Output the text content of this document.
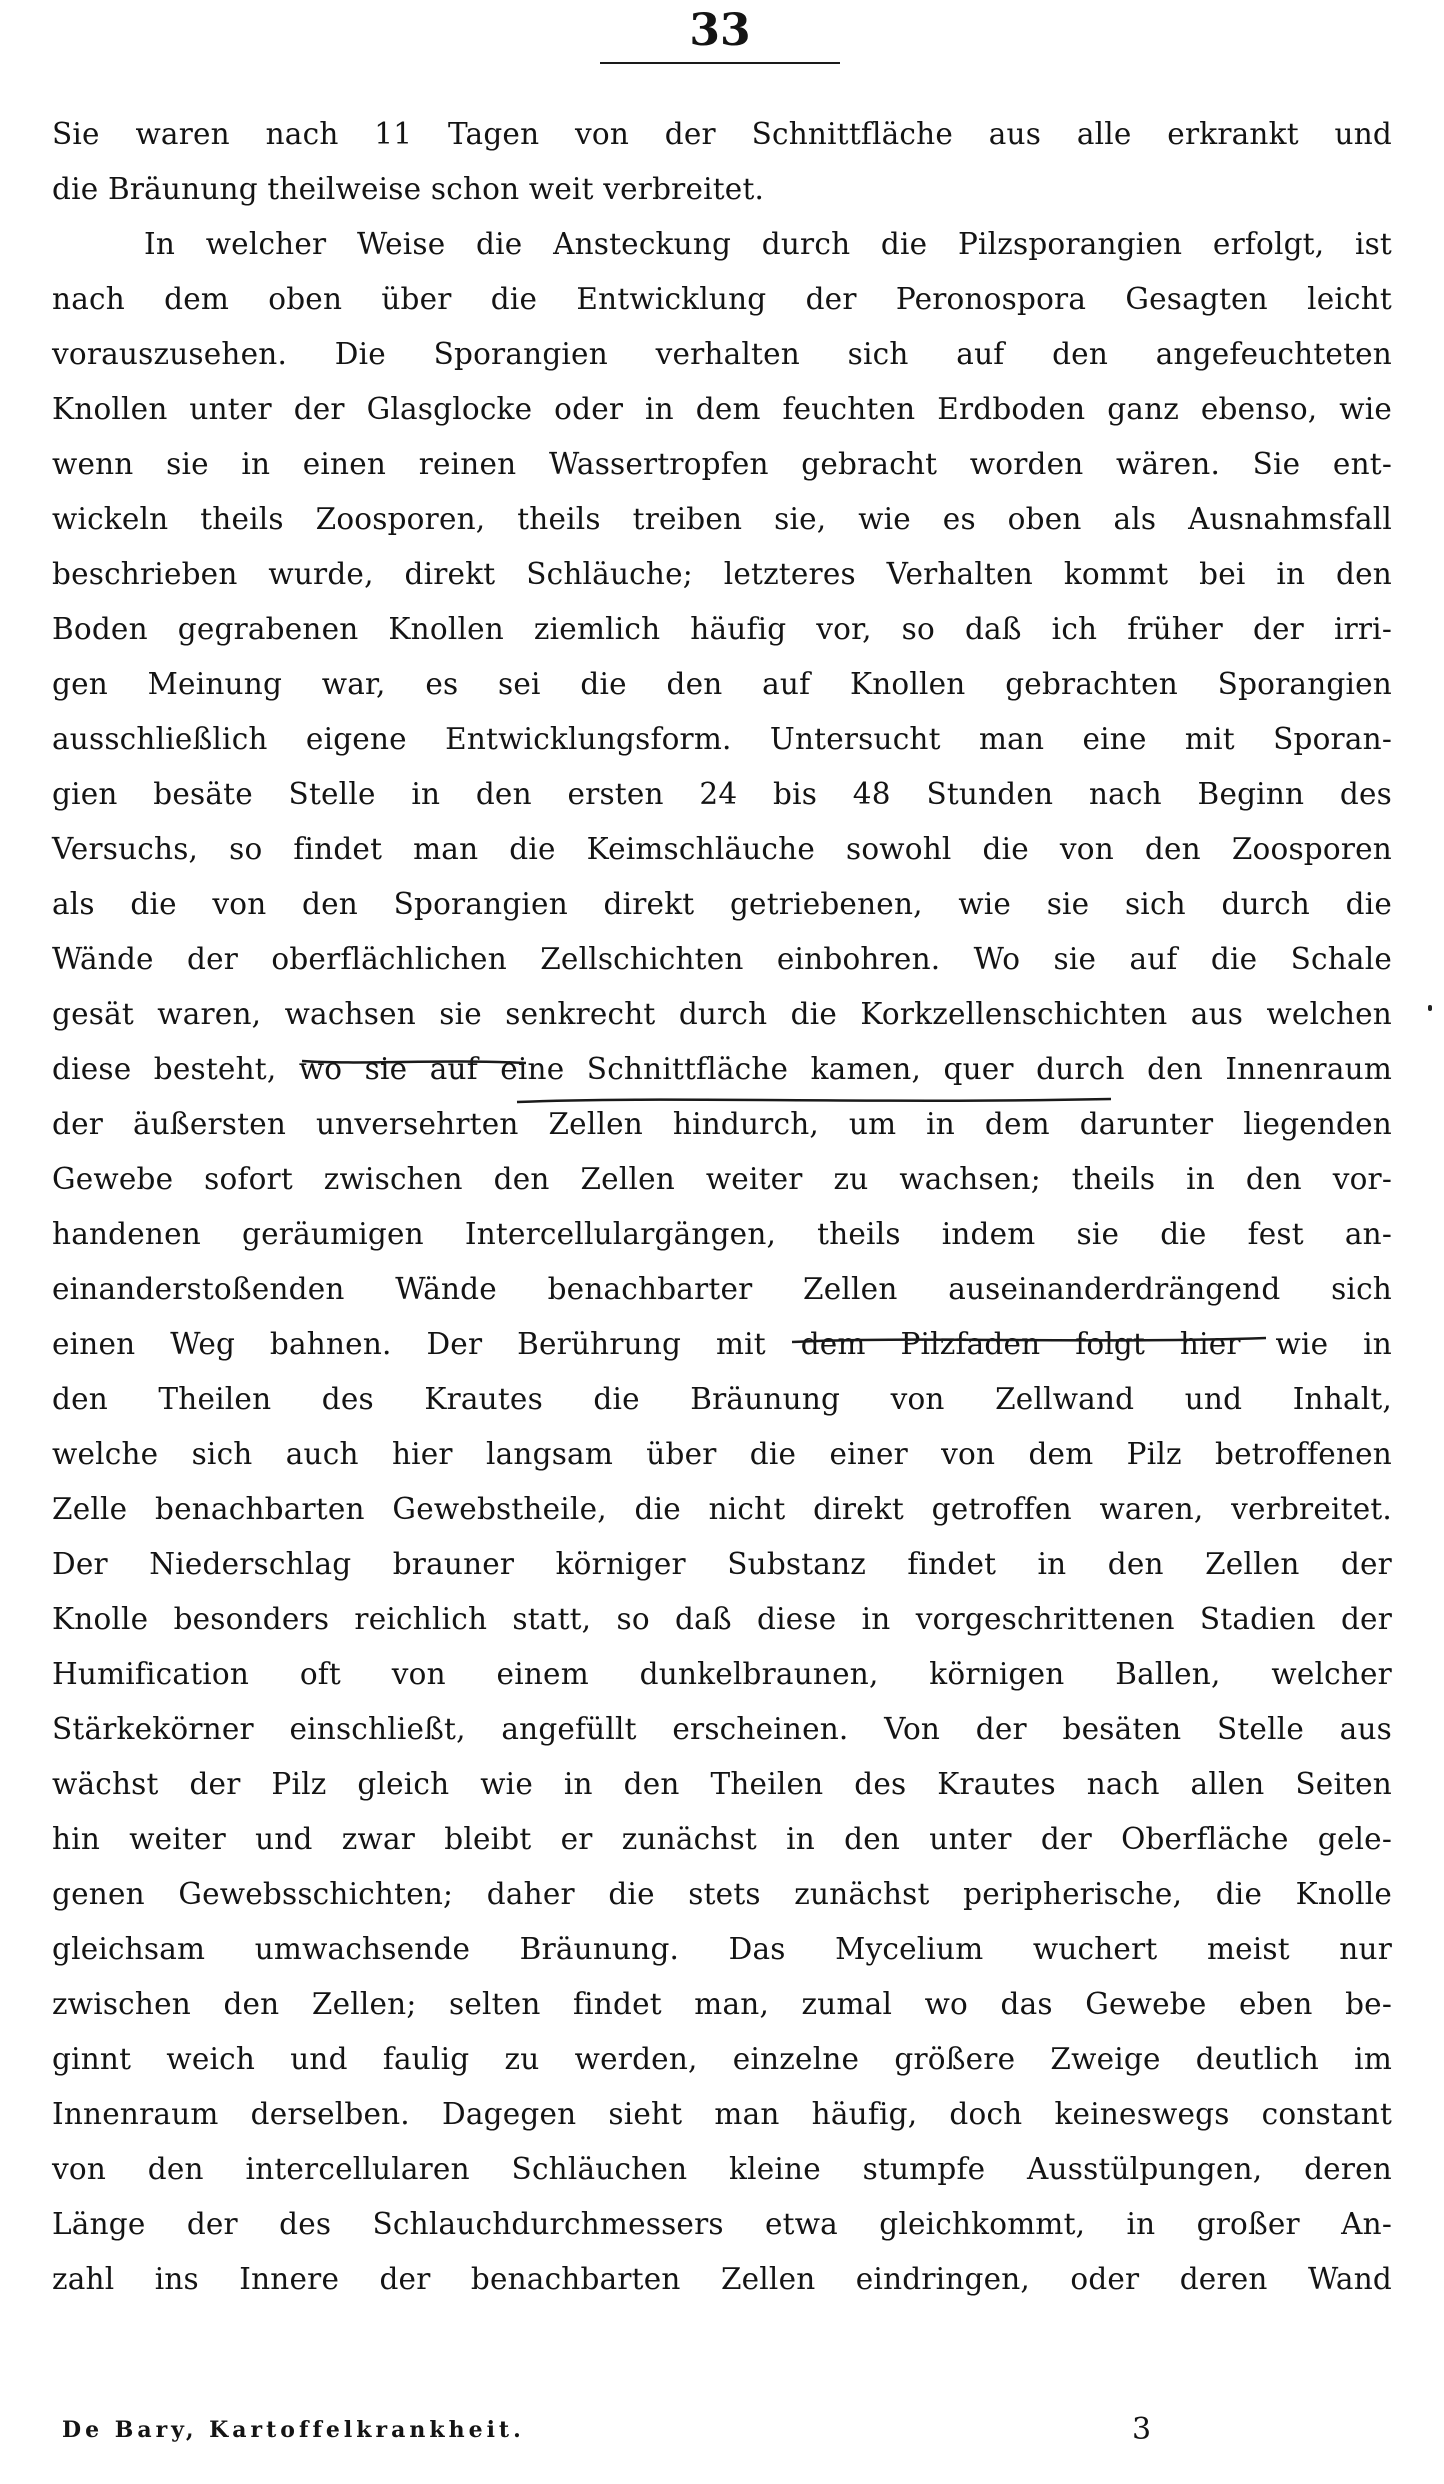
33
Sie waren nach 11 Tagen von der Schnittfläche aus alle erkrankt und
die Bräunung theilweise schon weit verbreitet.
In welcher Weise die Ansteckung durch die Pilzsporangien erfolgt, ist
nach dem oben über die Entwicklung der Peronospora Gesagten leicht
vorauszusehen. Die Sporangien verhalten sich auf den angefeuchteten
Knollen unter der Glasglocke oder in dem feuchten Erdboden ganz ebenso, wie
wenn sie in einen reinen Wassertropfen gebracht worden wären. Sie ent-
wickeln theils Zoosporen, theils treiben sie, wie es oben als Ausnahmsfall
beschrieben wurde, direkt Schläuche; letzteres Verhalten kommt bei in den
Boden gegrabenen Knollen ziemlich häufig vor, so daß ich früher der irri-
gen Meinung war, es sei die den auf Knollen gebrachten Sporangien
ausschließlich eigene Entwicklungsform. Untersucht man eine mit Sporan-
gien besäte Stelle in den ersten 24 bis 48 Stunden nach Beginn des
Versuchs, so findet man die Keimschläuche sowohl die von den Zoosporen
als die von den Sporangien direkt getriebenen, wie sie sich durch die
Wände der oberflächlichen Zellschichten einbohren. Wo sie auf die Schale
gesät waren, wachsen sie senkrecht durch die Korkzellenschichten aus welchen
diese besteht, wo sie auf eine Schnittfläche kamen, quer durch den Innenraum
der äußersten unversehrten Zellen hindurch, um in dem darunter liegenden
Gewebe sofort zwischen den Zellen weiter zu wachsen; theils in den vor-
handenen geräumigen Intercellulargängen, theils indem sie die fest an-
einanderstoßenden Wände benachbarter Zellen auseinanderdrängend sich
einen Weg bahnen. Der Berührung mit dem Pilzfaden folgt hier wie in
den Theilen des Krautes die Bräunung von Zellwand und Inhalt,
welche sich auch hier langsam über die einer von dem Pilz betroffenen
Zelle benachbarten Gewebstheile, die nicht direkt getroffen waren, verbreitet.
Der Niederschlag brauner körniger Substanz findet in den Zellen der
Knolle besonders reichlich statt, so daß diese in vorgeschrittenen Stadien der
Humification oft von einem dunkelbraunen, körnigen Ballen, welcher
Stärkekörner einschließt, angefüllt erscheinen. Von der besäten Stelle aus
wächst der Pilz gleich wie in den Theilen des Krautes nach allen Seiten
hin weiter und zwar bleibt er zunächst in den unter der Oberfläche gele-
genen Gewebsschichten; daher die stets zunächst peripherische, die Knolle
gleichsam umwachsende Bräunung. Das Mycelium wuchert meist nur
zwischen den Zellen; selten findet man, zumal wo das Gewebe eben be-
ginnt weich und faulig zu werden, einzelne größere Zweige deutlich im
Innenraum derselben. Dagegen sieht man häufig, doch keineswegs constant
von den intercellularen Schläuchen kleine stumpfe Ausstülpungen, deren
Länge der des Schlauchdurchmessers etwa gleichkommt, in großer An-
zahl ins Innere der benachbarten Zellen eindringen, oder deren Wand
De Bary, Kartoffelkrankheit.	3
